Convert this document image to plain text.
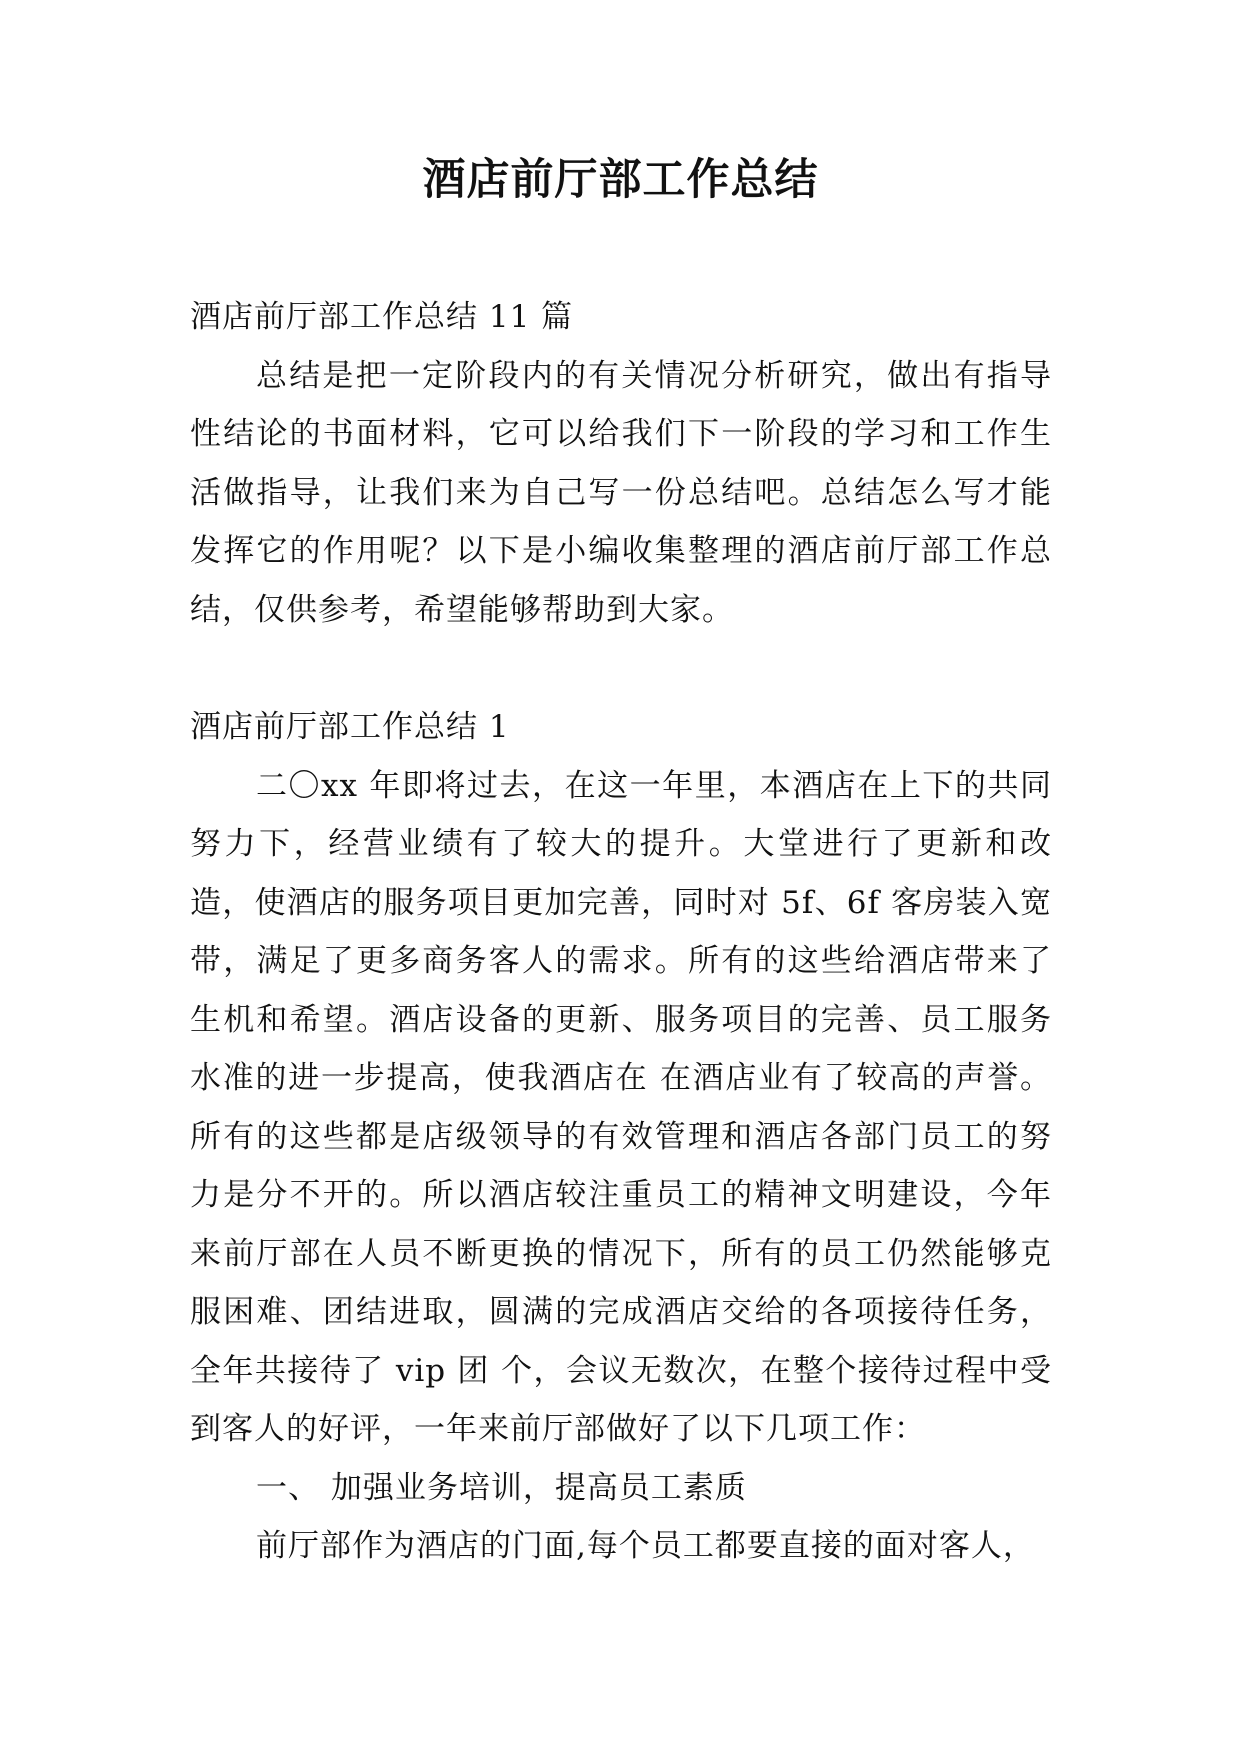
酒店前厅部工作总结

酒店前厅部工作总结 11 篇

总结是把一定阶段内的有关情况分析研究，做出有指导性结论的书面材料，它可以给我们下一阶段的学习和工作生活做指导，让我们来为自己写一份总结吧。总结怎么写才能发挥它的作用呢？以下是小编收集整理的酒店前厅部工作总结，仅供参考，希望能够帮助到大家。

酒店前厅部工作总结 1

二〇xx 年即将过去，在这一年里，本酒店在上下的共同努力下，经营业绩有了较大的提升。大堂进行了更新和改造，使酒店的服务项目更加完善，同时对 5f、6f 客房装入宽带，满足了更多商务客人的需求。所有的这些给酒店带来了生机和希望。酒店设备的更新、服务项目的完善、员工服务水准的进一步提高，使我酒店在 在酒店业有了较高的声誉。所有的这些都是店级领导的有效管理和酒店各部门员工的努力是分不开的。所以酒店较注重员工的精神文明建设，今年来前厅部在人员不断更换的情况下，所有的员工仍然能够克服困难、团结进取，圆满的完成酒店交给的各项接待任务，全年共接待了 vip 团 个，会议无数次，在整个接待过程中受到客人的好评，一年来前厅部做好了以下几项工作：

一、 加强业务培训，提高员工素质

前厅部作为酒店的门面,每个员工都要直接的面对客人，
